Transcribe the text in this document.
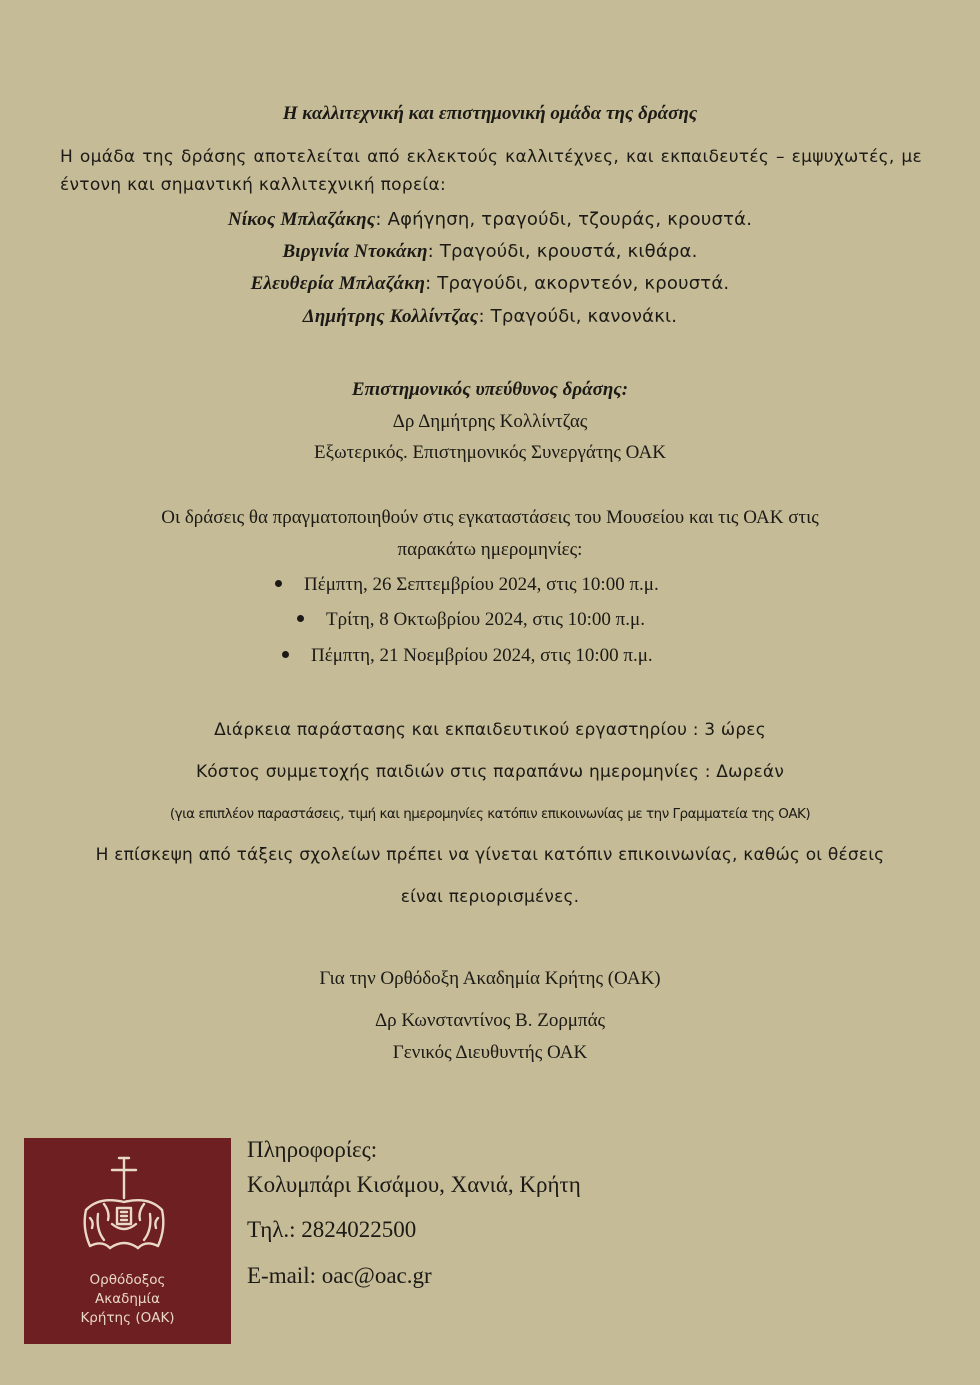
Η καλλιτεχνική και επιστημονική ομάδα της δράσης
Η ομάδα της δράσης αποτελείται από εκλεκτούς καλλιτέχνες, και εκπαιδευτές – εμψυχωτές, με έντονη και σημαντική καλλιτεχνική πορεία:
Νίκος Μπλαζάκης: Αφήγηση, τραγούδι, τζουράς, κρουστά.
Βιργινία Ντοκάκη: Τραγούδι, κρουστά, κιθάρα.
Ελευθερία Μπλαζάκη: Τραγούδι, ακορντεόν, κρουστά.
Δημήτρης Κολλίντζας: Τραγούδι, κανονάκι.
Επιστημονικός υπεύθυνος δράσης:
Δρ Δημήτρης Κολλίντζας
Εξωτερικός. Επιστημονικός Συνεργάτης ΟΑΚ
Οι δράσεις θα πραγματοποιηθούν στις εγκαταστάσεις του Μουσείου και τις ΟΑΚ στις
παρακάτω ημερομηνίες:
Πέμπτη, 26 Σεπτεμβρίου 2024, στις 10:00 π.μ.
Τρίτη, 8 Οκτωβρίου 2024, στις 10:00 π.μ.
Πέμπτη, 21 Νοεμβρίου 2024, στις 10:00 π.μ.
Διάρκεια παράστασης και εκπαιδευτικού εργαστηρίου : 3 ώρες
Κόστος συμμετοχής παιδιών στις παραπάνω ημερομηνίες : Δωρεάν
(για επιπλέον παραστάσεις, τιμή και ημερομηνίες κατόπιν επικοινωνίας με την Γραμματεία της ΟΑΚ)
Η επίσκεψη από τάξεις σχολείων πρέπει να γίνεται κατόπιν επικοινωνίας, καθώς οι θέσεις
είναι περιορισμένες.
Για την Ορθόδοξη Ακαδημία Κρήτης (ΟΑΚ)
Δρ Κωνσταντίνος Β. Ζορμπάς
Γενικός Διευθυντής ΟΑΚ
Ορθόδοξος
Ακαδημία
Κρήτης (ΟΑΚ)
Πληροφορίες:
Κολυμπάρι Κισάμου, Χανιά, Κρήτη
Τηλ.: 2824022500
E-mail: oac@oac.gr
